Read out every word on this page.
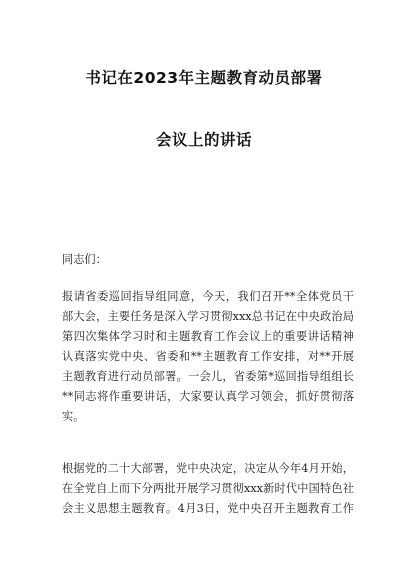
书记在2023年主题教育动员部署
会议上的讲话
同志们：
报请省委巡回指导组同意，今天，我们召开**全体党员干
部大会，主要任务是深入学习贯彻xxx总书记在中央政治局
第四次集体学习时和主题教育工作会议上的重要讲话精神
认真落实党中央、省委和**主题教育工作安排，对**开展
主题教育进行动员部署。一会儿，省委第*巡回指导组组长
**同志将作重要讲话，大家要认真学习领会，抓好贯彻落
实。
根据党的二十大部署，党中央决定，决定从今年4月开始，
在全党自上而下分两批开展学习贯彻xxx新时代中国特色社
会主义思想主题教育。4月3日，党中央召开主题教育工作
